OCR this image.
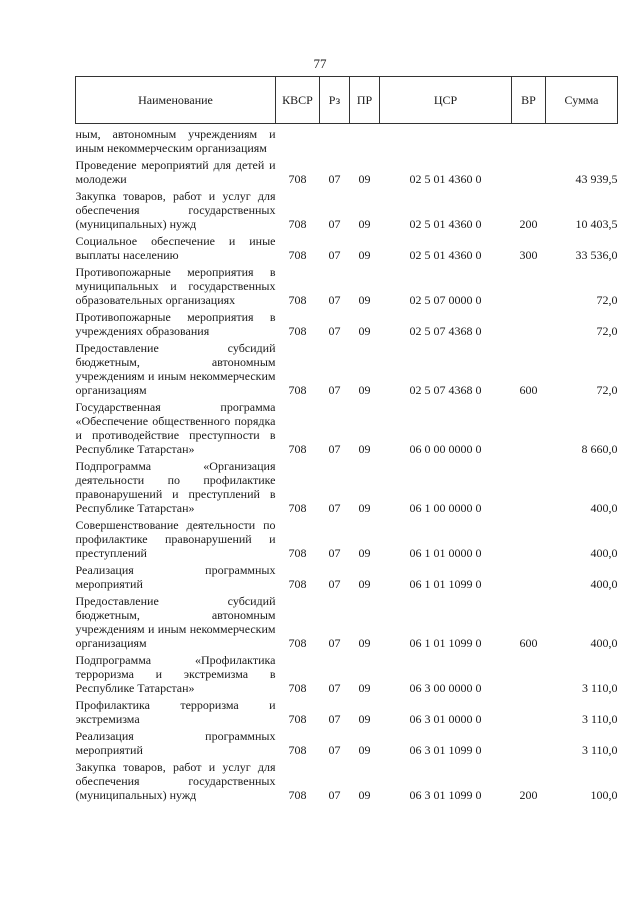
77
Наименование	КВСР	Рз	ПР	ЦСР	ВР	Сумма
ным, автономным учреждениям и иным некоммерческим организациям						
Проведение мероприятий для детей и молодежи	708	07	09	02 5 01 4360 0		43 939,5
Закупка товаров, работ и услуг для обеспечения государственных (муниципальных) нужд	708	07	09	02 5 01 4360 0	200	10 403,5
Социальное обеспечение и иные выплаты населению	708	07	09	02 5 01 4360 0	300	33 536,0
Противопожарные мероприятия в муниципальных и государственных образовательных организациях	708	07	09	02 5 07 0000 0		72,0
Противопожарные мероприятия в учреждениях образования	708	07	09	02 5 07 4368 0		72,0
Предоставление субсидий бюджетным, автономным учреждениям и иным некоммерческим организациям	708	07	09	02 5 07 4368 0	600	72,0
Государственная программа «Обеспечение общественного порядка и противодействие преступности в Республике Татарстан»	708	07	09	06 0 00 0000 0		8 660,0
Подпрограмма «Организация деятельности по профилактике правонарушений и преступлений в Республике Татарстан»	708	07	09	06 1 00 0000 0		400,0
Совершенствование деятельности по профилактике правонарушений и преступлений	708	07	09	06 1 01 0000 0		400,0
Реализация программных мероприятий	708	07	09	06 1 01 1099 0		400,0
Предоставление субсидий бюджетным, автономным учреждениям и иным некоммерческим организациям	708	07	09	06 1 01 1099 0	600	400,0
Подпрограмма «Профилактика терроризма и экстремизма в Республике Татарстан»	708	07	09	06 3 00 0000 0		3 110,0
Профилактика терроризма и экстремизма	708	07	09	06 3 01 0000 0		3 110,0
Реализация программных мероприятий	708	07	09	06 3 01 1099 0		3 110,0
Закупка товаров, работ и услуг для обеспечения государственных (муниципальных) нужд	708	07	09	06 3 01 1099 0	200	100,0
